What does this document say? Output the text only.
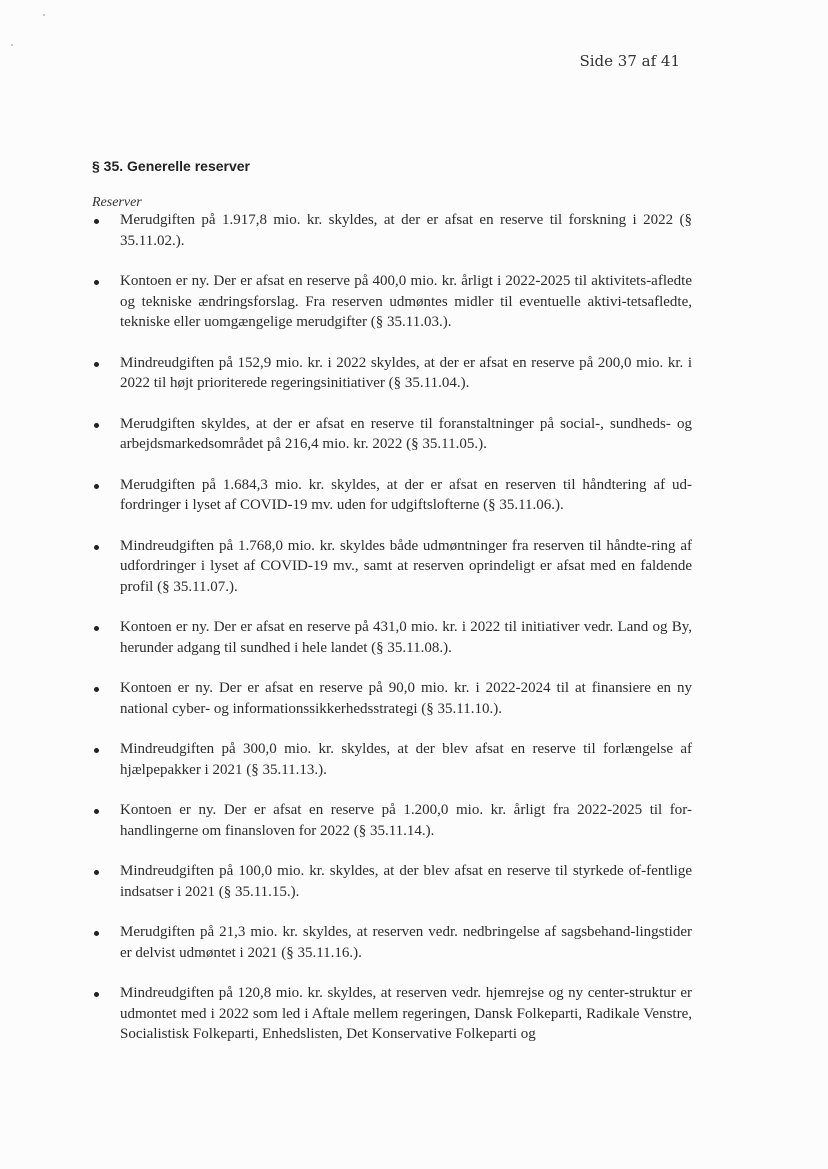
Side 37 af 41
§ 35. Generelle reserver
Reserver
Merudgiften på 1.917,8 mio. kr. skyldes, at der er afsat en reserve til forskning i 2022 (§ 35.11.02.).
Kontoen er ny. Der er afsat en reserve på 400,0 mio. kr. årligt i 2022-2025 til aktivitets-afledte og tekniske ændringsforslag. Fra reserven udmøntes midler til eventuelle aktivi-tetsafledte, tekniske eller uomgængelige merudgifter (§ 35.11.03.).
Mindreudgiften på 152,9 mio. kr. i 2022 skyldes, at der er afsat en reserve på 200,0 mio. kr. i 2022 til højt prioriterede regeringsinitiativer (§ 35.11.04.).
Merudgiften skyldes, at der er afsat en reserve til foranstaltninger på social-, sundheds- og arbejdsmarkedsområdet på 216,4 mio. kr. 2022 (§ 35.11.05.).
Merudgiften på 1.684,3 mio. kr. skyldes, at der er afsat en reserven til håndtering af ud-fordringer i lyset af COVID-19 mv. uden for udgiftslofterne (§ 35.11.06.).
Mindreudgiften på 1.768,0 mio. kr. skyldes både udmøntninger fra reserven til håndte-ring af udfordringer i lyset af COVID-19 mv., samt at reserven oprindeligt er afsat med en faldende profil (§ 35.11.07.).
Kontoen er ny. Der er afsat en reserve på 431,0 mio. kr. i 2022 til initiativer vedr. Land og By, herunder adgang til sundhed i hele landet (§ 35.11.08.).
Kontoen er ny. Der er afsat en reserve på 90,0 mio. kr. i 2022-2024 til at finansiere en ny national cyber- og informationssikkerhedsstrategi (§ 35.11.10.).
Mindreudgiften på 300,0 mio. kr. skyldes, at der blev afsat en reserve til forlængelse af hjælpepakker i 2021 (§ 35.11.13.).
Kontoen er ny. Der er afsat en reserve på 1.200,0 mio. kr. årligt fra 2022-2025 til for-handlingerne om finansloven for 2022 (§ 35.11.14.).
Mindreudgiften på 100,0 mio. kr. skyldes, at der blev afsat en reserve til styrkede of-fentlige indsatser i 2021 (§ 35.11.15.).
Merudgiften på 21,3 mio. kr. skyldes, at reserven vedr. nedbringelse af sagsbehand-lingstider er delvist udmøntet i 2021 (§ 35.11.16.).
Mindreudgiften på 120,8 mio. kr. skyldes, at reserven vedr. hjemrejse og ny center-struktur er udmontet med i 2022 som led i Aftale mellem regeringen, Dansk Folkeparti, Radikale Venstre, Socialistisk Folkeparti, Enhedslisten, Det Konservative Folkeparti og
